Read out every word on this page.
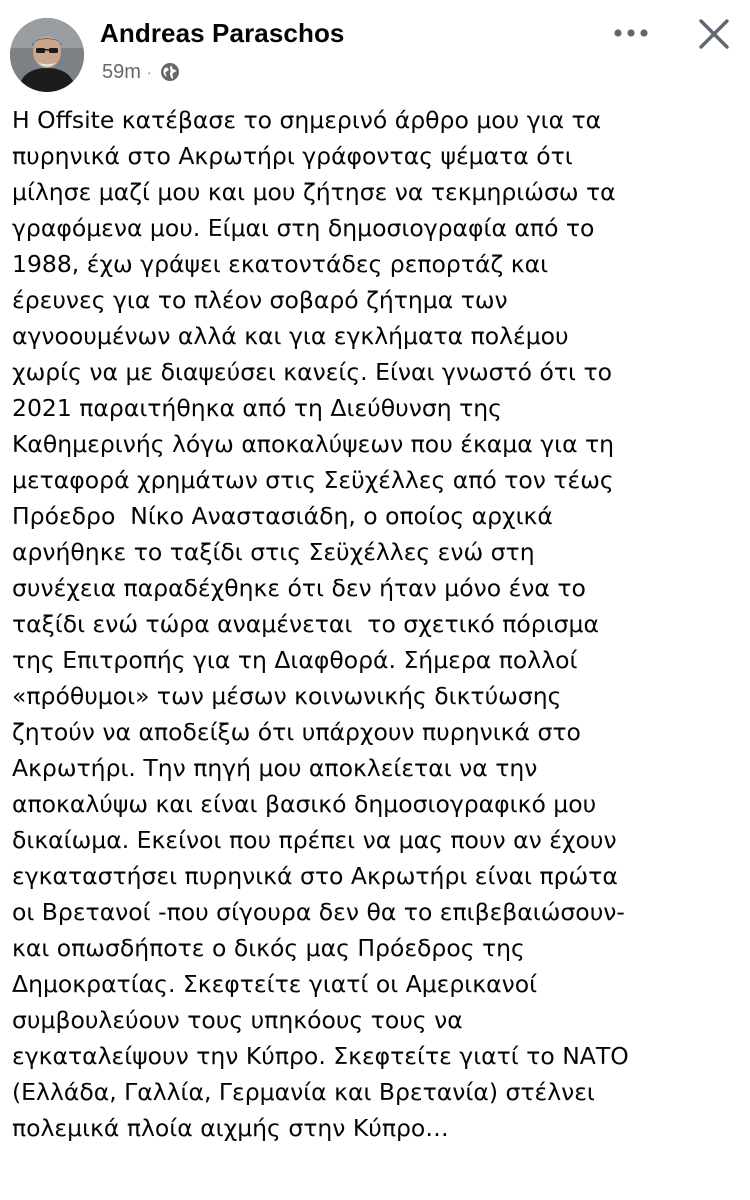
Andreas Paraschos
59m ·

Η Offsite κατέβασε το σημερινό άρθρο μου για τα
πυρηνικά στο Ακρωτήρι γράφοντας ψέματα ότι
μίλησε μαζί μου και μου ζήτησε να τεκμηριώσω τα
γραφόμενα μου. Είμαι στη δημοσιογραφία από το
1988, έχω γράψει εκατοντάδες ρεπορτάζ και
έρευνες για το πλέον σοβαρό ζήτημα των
αγνοουμένων αλλά και για εγκλήματα πολέμου
χωρίς να με διαψεύσει κανείς. Είναι γνωστό ότι το
2021 παραιτήθηκα από τη Διεύθυνση της
Καθημερινής λόγω αποκαλύψεων που έκαμα για τη
μεταφορά χρημάτων στις Σεϋχέλλες από τον τέως
Πρόεδρο  Νίκο Αναστασιάδη, ο οποίος αρχικά
αρνήθηκε το ταξίδι στις Σεϋχέλλες ενώ στη
συνέχεια παραδέχθηκε ότι δεν ήταν μόνο ένα το
ταξίδι ενώ τώρα αναμένεται  το σχετικό πόρισμα
της Επιτροπής για τη Διαφθορά. Σήμερα πολλοί
«πρόθυμοι» των μέσων κοινωνικής δικτύωσης
ζητούν να αποδείξω ότι υπάρχουν πυρηνικά στο
Ακρωτήρι. Την πηγή μου αποκλείεται να την
αποκαλύψω και είναι βασικό δημοσιογραφικό μου
δικαίωμα. Εκείνοι που πρέπει να μας πουν αν έχουν
εγκαταστήσει πυρηνικά στο Ακρωτήρι είναι πρώτα
οι Βρετανοί -που σίγουρα δεν θα το επιβεβαιώσουν-
και οπωσδήποτε ο δικός μας Πρόεδρος της
Δημοκρατίας. Σκεφτείτε γιατί οι Αμερικανοί
συμβουλεύουν τους υπηκόους τους να
εγκαταλείψουν την Κύπρο. Σκεφτείτε γιατί το ΝΑΤΟ
(Ελλάδα, Γαλλία, Γερμανία και Βρετανία) στέλνει
πολεμικά πλοία αιχμής στην Κύπρο…
